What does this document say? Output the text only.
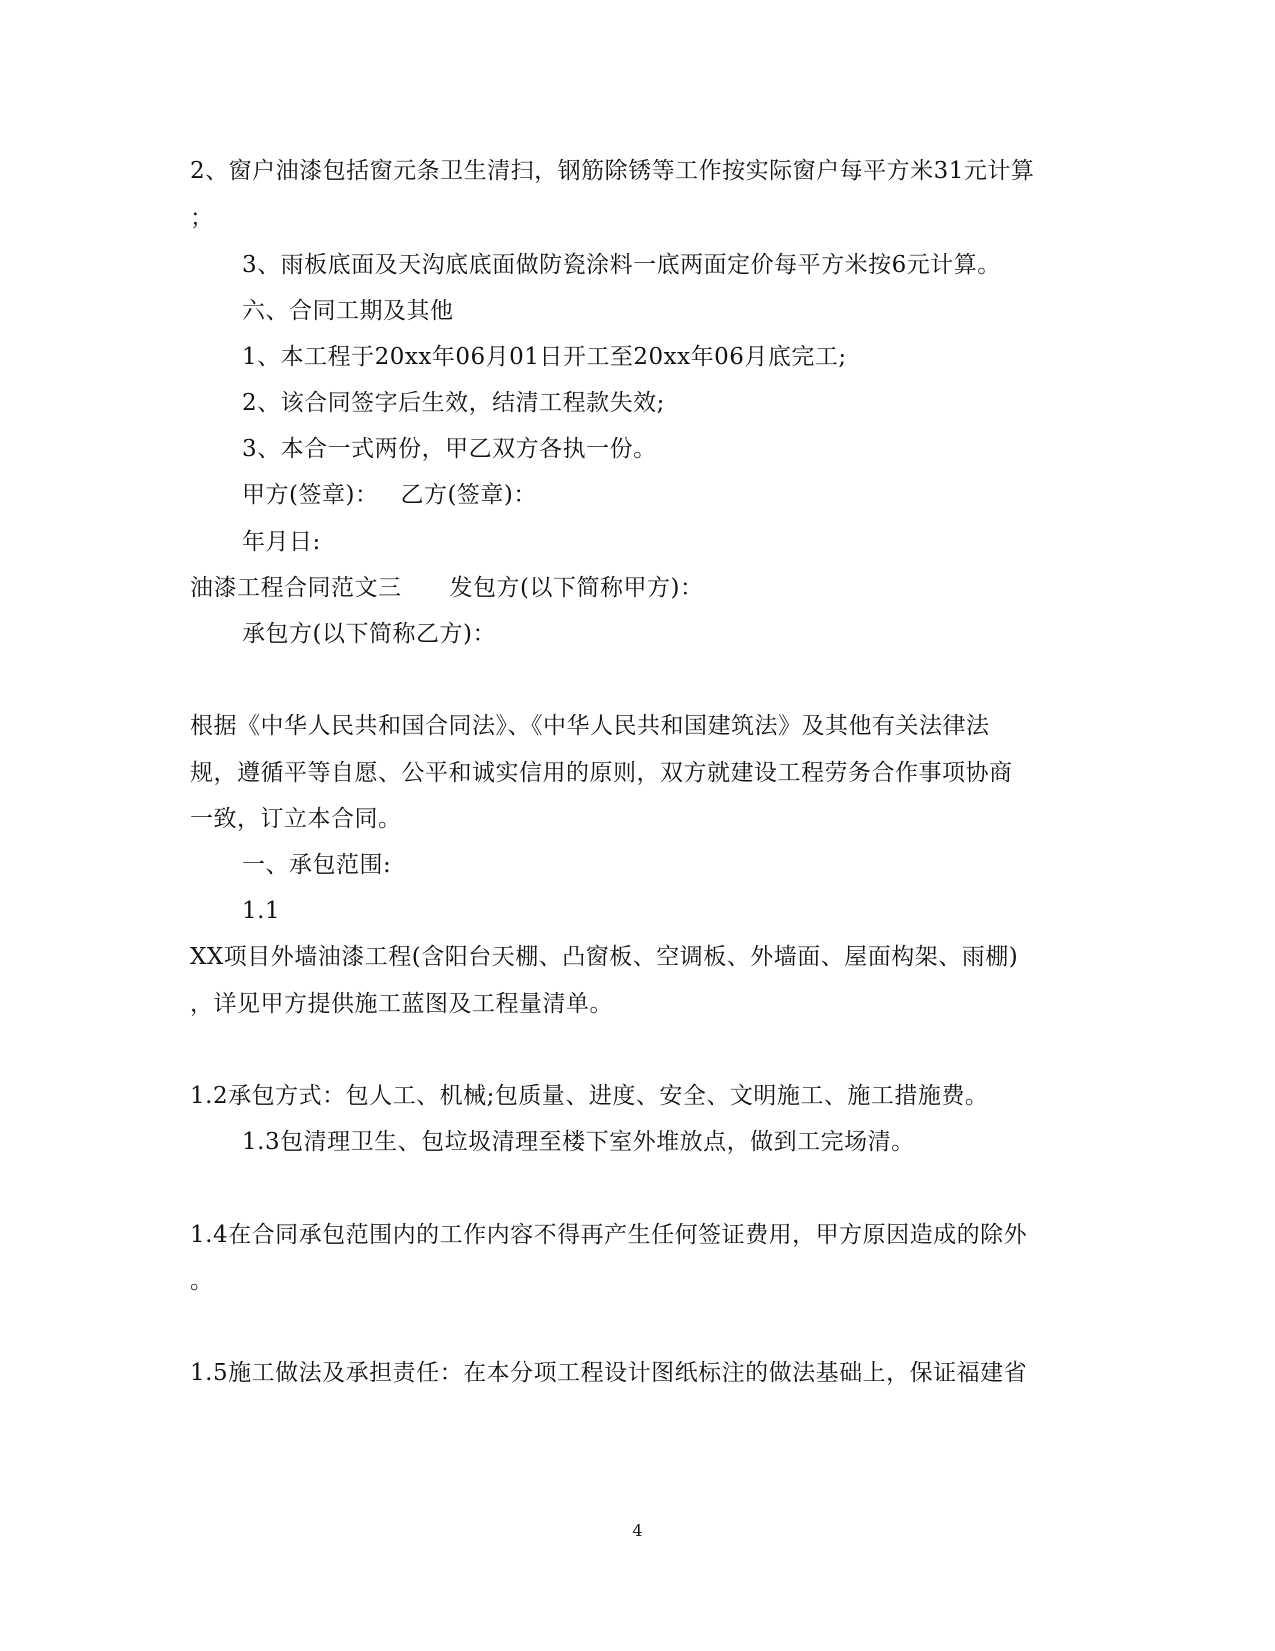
2、窗户油漆包括窗元条卫生清扫，钢筋除锈等工作按实际窗户每平方米31元计算
；
3、雨板底面及天沟底底面做防瓷涂料一底两面定价每平方米按6元计算。
六、合同工期及其他
1、本工程于20xx年06月01日开工至20xx年06月底完工;
2、该合同签字后生效，结清工程款失效;
3、本合一式两份，甲乙双方各执一份。
甲方(签章)： 乙方(签章)：
年月日:
油漆工程合同范文三 发包方(以下简称甲方)：
承包方(以下简称乙方)：
根据《中华人民共和国合同法》、《中华人民共和国建筑法》及其他有关法律法
规，遵循平等自愿、公平和诚实信用的原则，双方就建设工程劳务合作事项协商
一致，订立本合同。
一、承包范围:
1.1
XX项目外墙油漆工程(含阳台天棚、凸窗板、空调板、外墙面、屋面构架、雨棚)
，详见甲方提供施工蓝图及工程量清单。
1.2承包方式：包人工、机械;包质量、进度、安全、文明施工、施工措施费。
1.3包清理卫生、包垃圾清理至楼下室外堆放点，做到工完场清。
1.4在合同承包范围内的工作内容不得再产生任何签证费用，甲方原因造成的除外
。
1.5施工做法及承担责任：在本分项工程设计图纸标注的做法基础上，保证福建省
4
